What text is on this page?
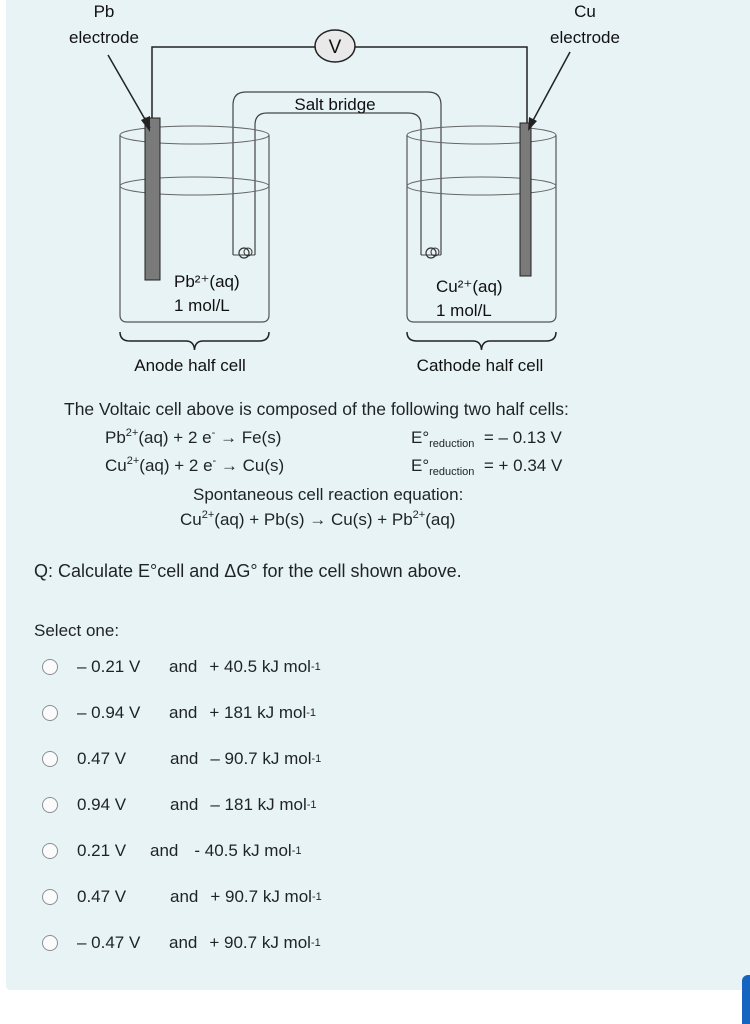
V
Salt bridge
Pb
electrode
Cu
electrode
Pb²⁺(aq)
1 mol/L
Cu²⁺(aq)
1 mol/L
Anode half cell	Cathode half cell
The Voltaic cell above is composed of the following two half cells:
$Pb^{2+}(aq) + 2$ e- → Fe(s)	$E^\circ_{reduction}$ = – 0.13 V
$Cu^{2+}(aq) + 2$ e- → Cu(s)	$E^\circ_{reduction}$ = + 0.34 V
Spontaneous cell reaction equation:
$Cu^{2+}(aq) + Pb(s) \to Cu(s) + Pb^{2+}(aq)$
Q: Calculate E°cell and ΔG° for the cell shown above.
Select one:
– 0.21 V	and + 40.5 kJ mol -1
– 0.94 V	and + 181 kJ mol -1
0.47 V	and – 90.7 kJ mol -1
0.94 V	and – 181 kJ mol -1
0.21 V	and - 40.5 kJ mol -1
0.47 V	and + 90.7 kJ mol -1
– 0.47 V	and + 90.7 kJ mol -1
